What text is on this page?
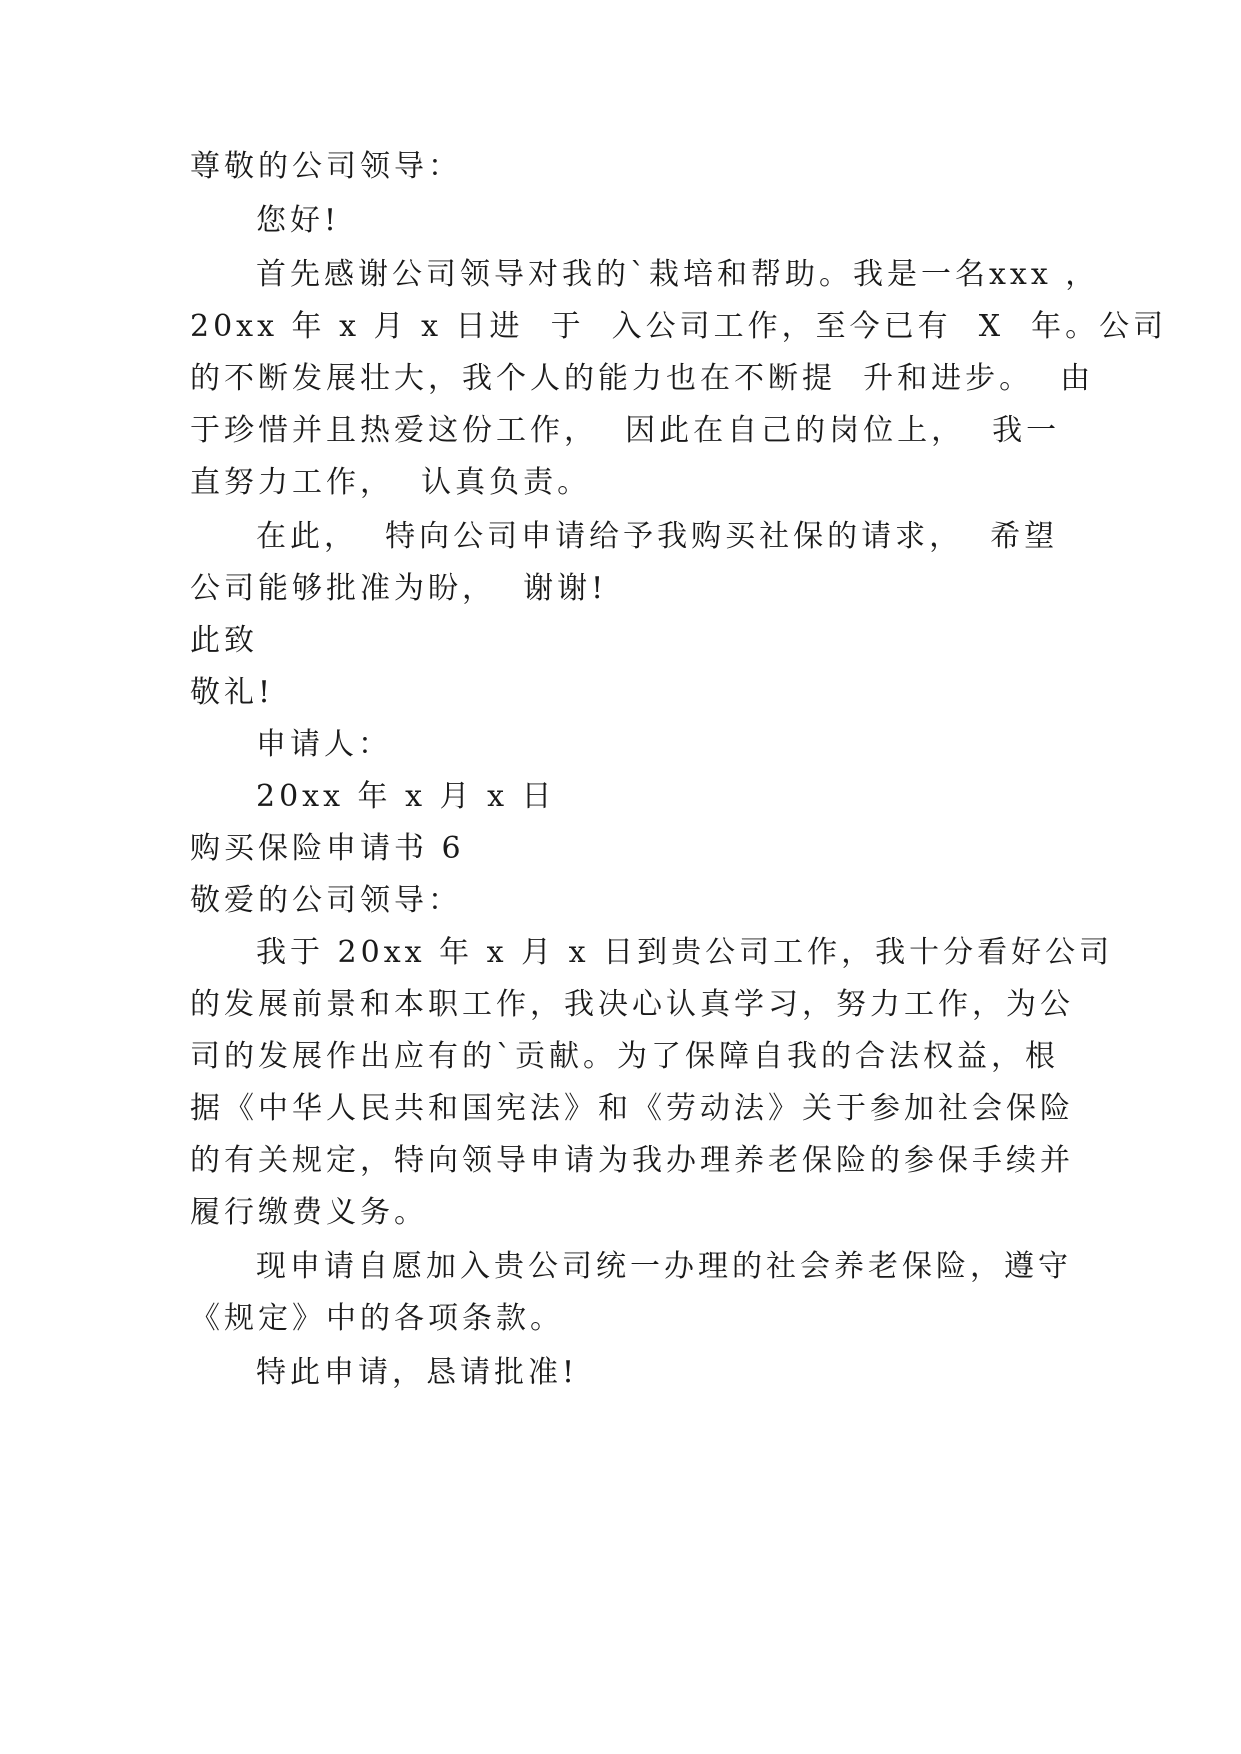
尊敬的公司领导：
您好!
首先感谢公司领导对我的`栽培和帮助。我是一名xxx ，
20xx 年 x 月 x 日进  于  入公司工作，至今已有  X  年。公司
的不断发展壮大，我个人的能力也在不断提  升和进步。  由
于珍惜并且热爱这份工作，  因此在自己的岗位上，  我一
直努力工作，  认真负责。
在此，  特向公司申请给予我购买社保的请求，  希望
公司能够批准为盼，  谢谢!
此致
敬礼!
申请人：
20xx 年 x 月 x 日
购买保险申请书 6
敬爱的公司领导：
我于 20xx 年 x 月 x 日到贵公司工作，我十分看好公司
的发展前景和本职工作，我决心认真学习，努力工作，为公
司的发展作出应有的`贡献。为了保障自我的合法权益，根
据《中华人民共和国宪法》和《劳动法》关于参加社会保险
的有关规定，特向领导申请为我办理养老保险的参保手续并
履行缴费义务。
现申请自愿加入贵公司统一办理的社会养老保险，遵守
《规定》中的各项条款。
特此申请，恳请批准!
